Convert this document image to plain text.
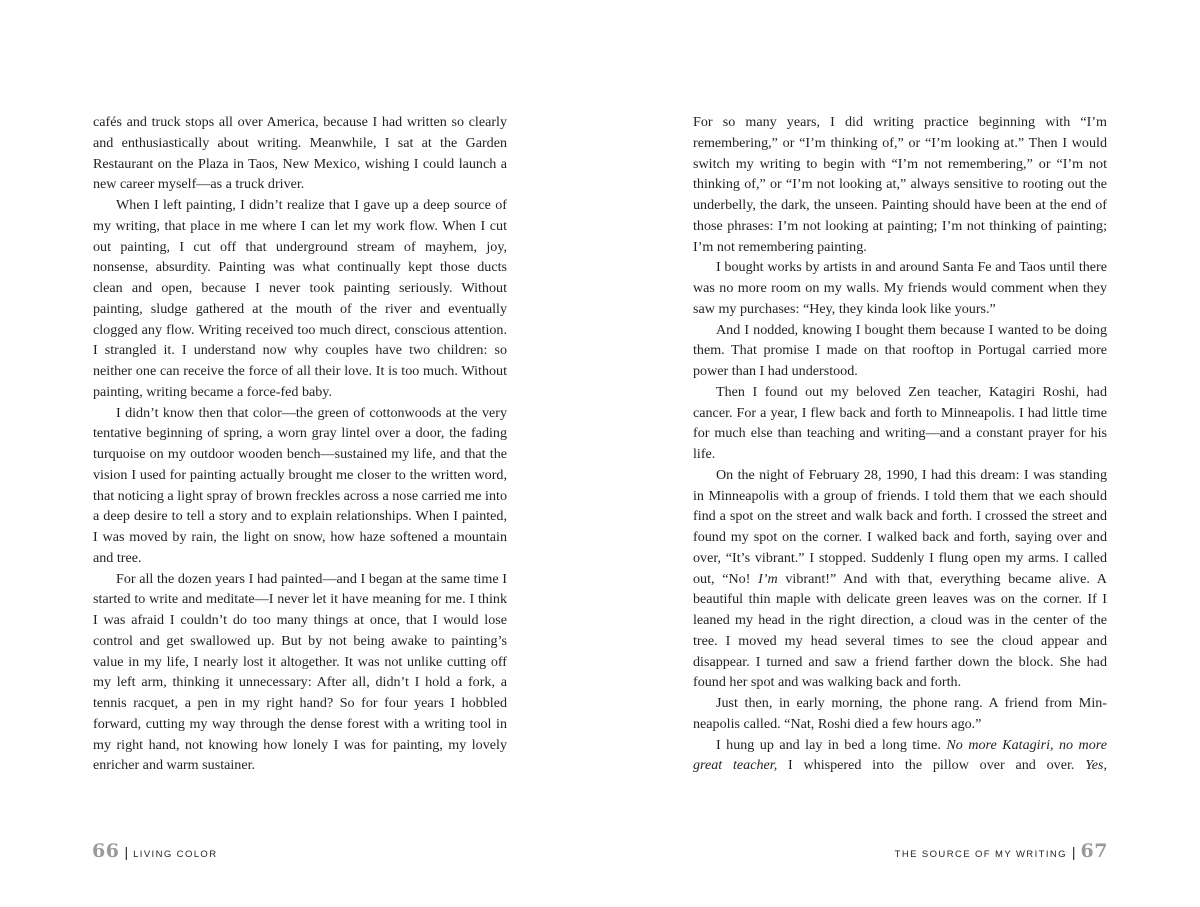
cafés and truck stops all over America, because I had written so clearly and enthusiastically about writing. Meanwhile, I sat at the Garden Restaurant on the Plaza in Taos, New Mexico, wishing I could launch a new career myself—as a truck driver.

When I left painting, I didn’t realize that I gave up a deep source of my writing, that place in me where I can let my work flow. When I cut out painting, I cut off that underground stream of mayhem, joy, nonsense, absurdity. Painting was what continually kept those ducts clean and open, because I never took painting seriously. Without painting, sludge gathered at the mouth of the river and eventually clogged any flow. Writing received too much direct, conscious attention. I strangled it. I understand now why couples have two children: so neither one can receive the force of all their love. It is too much. Without painting, writing became a force-fed baby.

I didn’t know then that color—the green of cottonwoods at the very tentative beginning of spring, a worn gray lintel over a door, the fading turquoise on my outdoor wooden bench—sustained my life, and that the vision I used for painting actually brought me closer to the written word, that noticing a light spray of brown freckles across a nose carried me into a deep desire to tell a story and to explain relationships. When I painted, I was moved by rain, the light on snow, how haze softened a mountain and tree.

For all the dozen years I had painted—and I began at the same time I started to write and meditate—I never let it have meaning for me. I think I was afraid I couldn’t do too many things at once, that I would lose control and get swallowed up. But by not being awake to painting’s value in my life, I nearly lost it altogether. It was not unlike cutting off my left arm, thinking it unnecessary: After all, didn’t I hold a fork, a tennis racquet, a pen in my right hand? So for four years I hobbled forward, cutting my way through the dense forest with a writing tool in my right hand, not knowing how lonely I was for painting, my lovely enricher and warm sustainer.

66 | LIVING COLOR

For so many years, I did writing practice beginning with “I’m remembering,” or “I’m thinking of,” or “I’m looking at.” Then I would switch my writing to begin with “I’m not remembering,” or “I’m not thinking of,” or “I’m not looking at,” always sensitive to rooting out the underbelly, the dark, the unseen. Painting should have been at the end of those phrases: I’m not looking at painting; I’m not thinking of painting; I’m not remembering painting.

I bought works by artists in and around Santa Fe and Taos until there was no more room on my walls. My friends would comment when they saw my purchases: “Hey, they kinda look like yours.”

And I nodded, knowing I bought them because I wanted to be doing them. That promise I made on that rooftop in Portugal carried more power than I had understood.

Then I found out my beloved Zen teacher, Katagiri Roshi, had cancer. For a year, I flew back and forth to Minneapolis. I had little time for much else than teaching and writing—and a constant prayer for his life.

On the night of February 28, 1990, I had this dream: I was standing in Minneapolis with a group of friends. I told them that we each should find a spot on the street and walk back and forth. I crossed the street and found my spot on the corner. I walked back and forth, saying over and over, “It’s vibrant.” I stopped. Suddenly I flung open my arms. I called out, “No! I’m vibrant!” And with that, everything became alive. A beautiful thin maple with delicate green leaves was on the corner. If I leaned my head in the right direction, a cloud was in the center of the tree. I moved my head several times to see the cloud appear and disappear. I turned and saw a friend farther down the block. She had found her spot and was walking back and forth.

Just then, in early morning, the phone rang. A friend from Minneapolis called. “Nat, Roshi died a few hours ago.”

I hung up and lay in bed a long time. No more Katagiri, no more great teacher, I whispered into the pillow over and over. Yes,

THE SOURCE OF MY WRITING | 67
